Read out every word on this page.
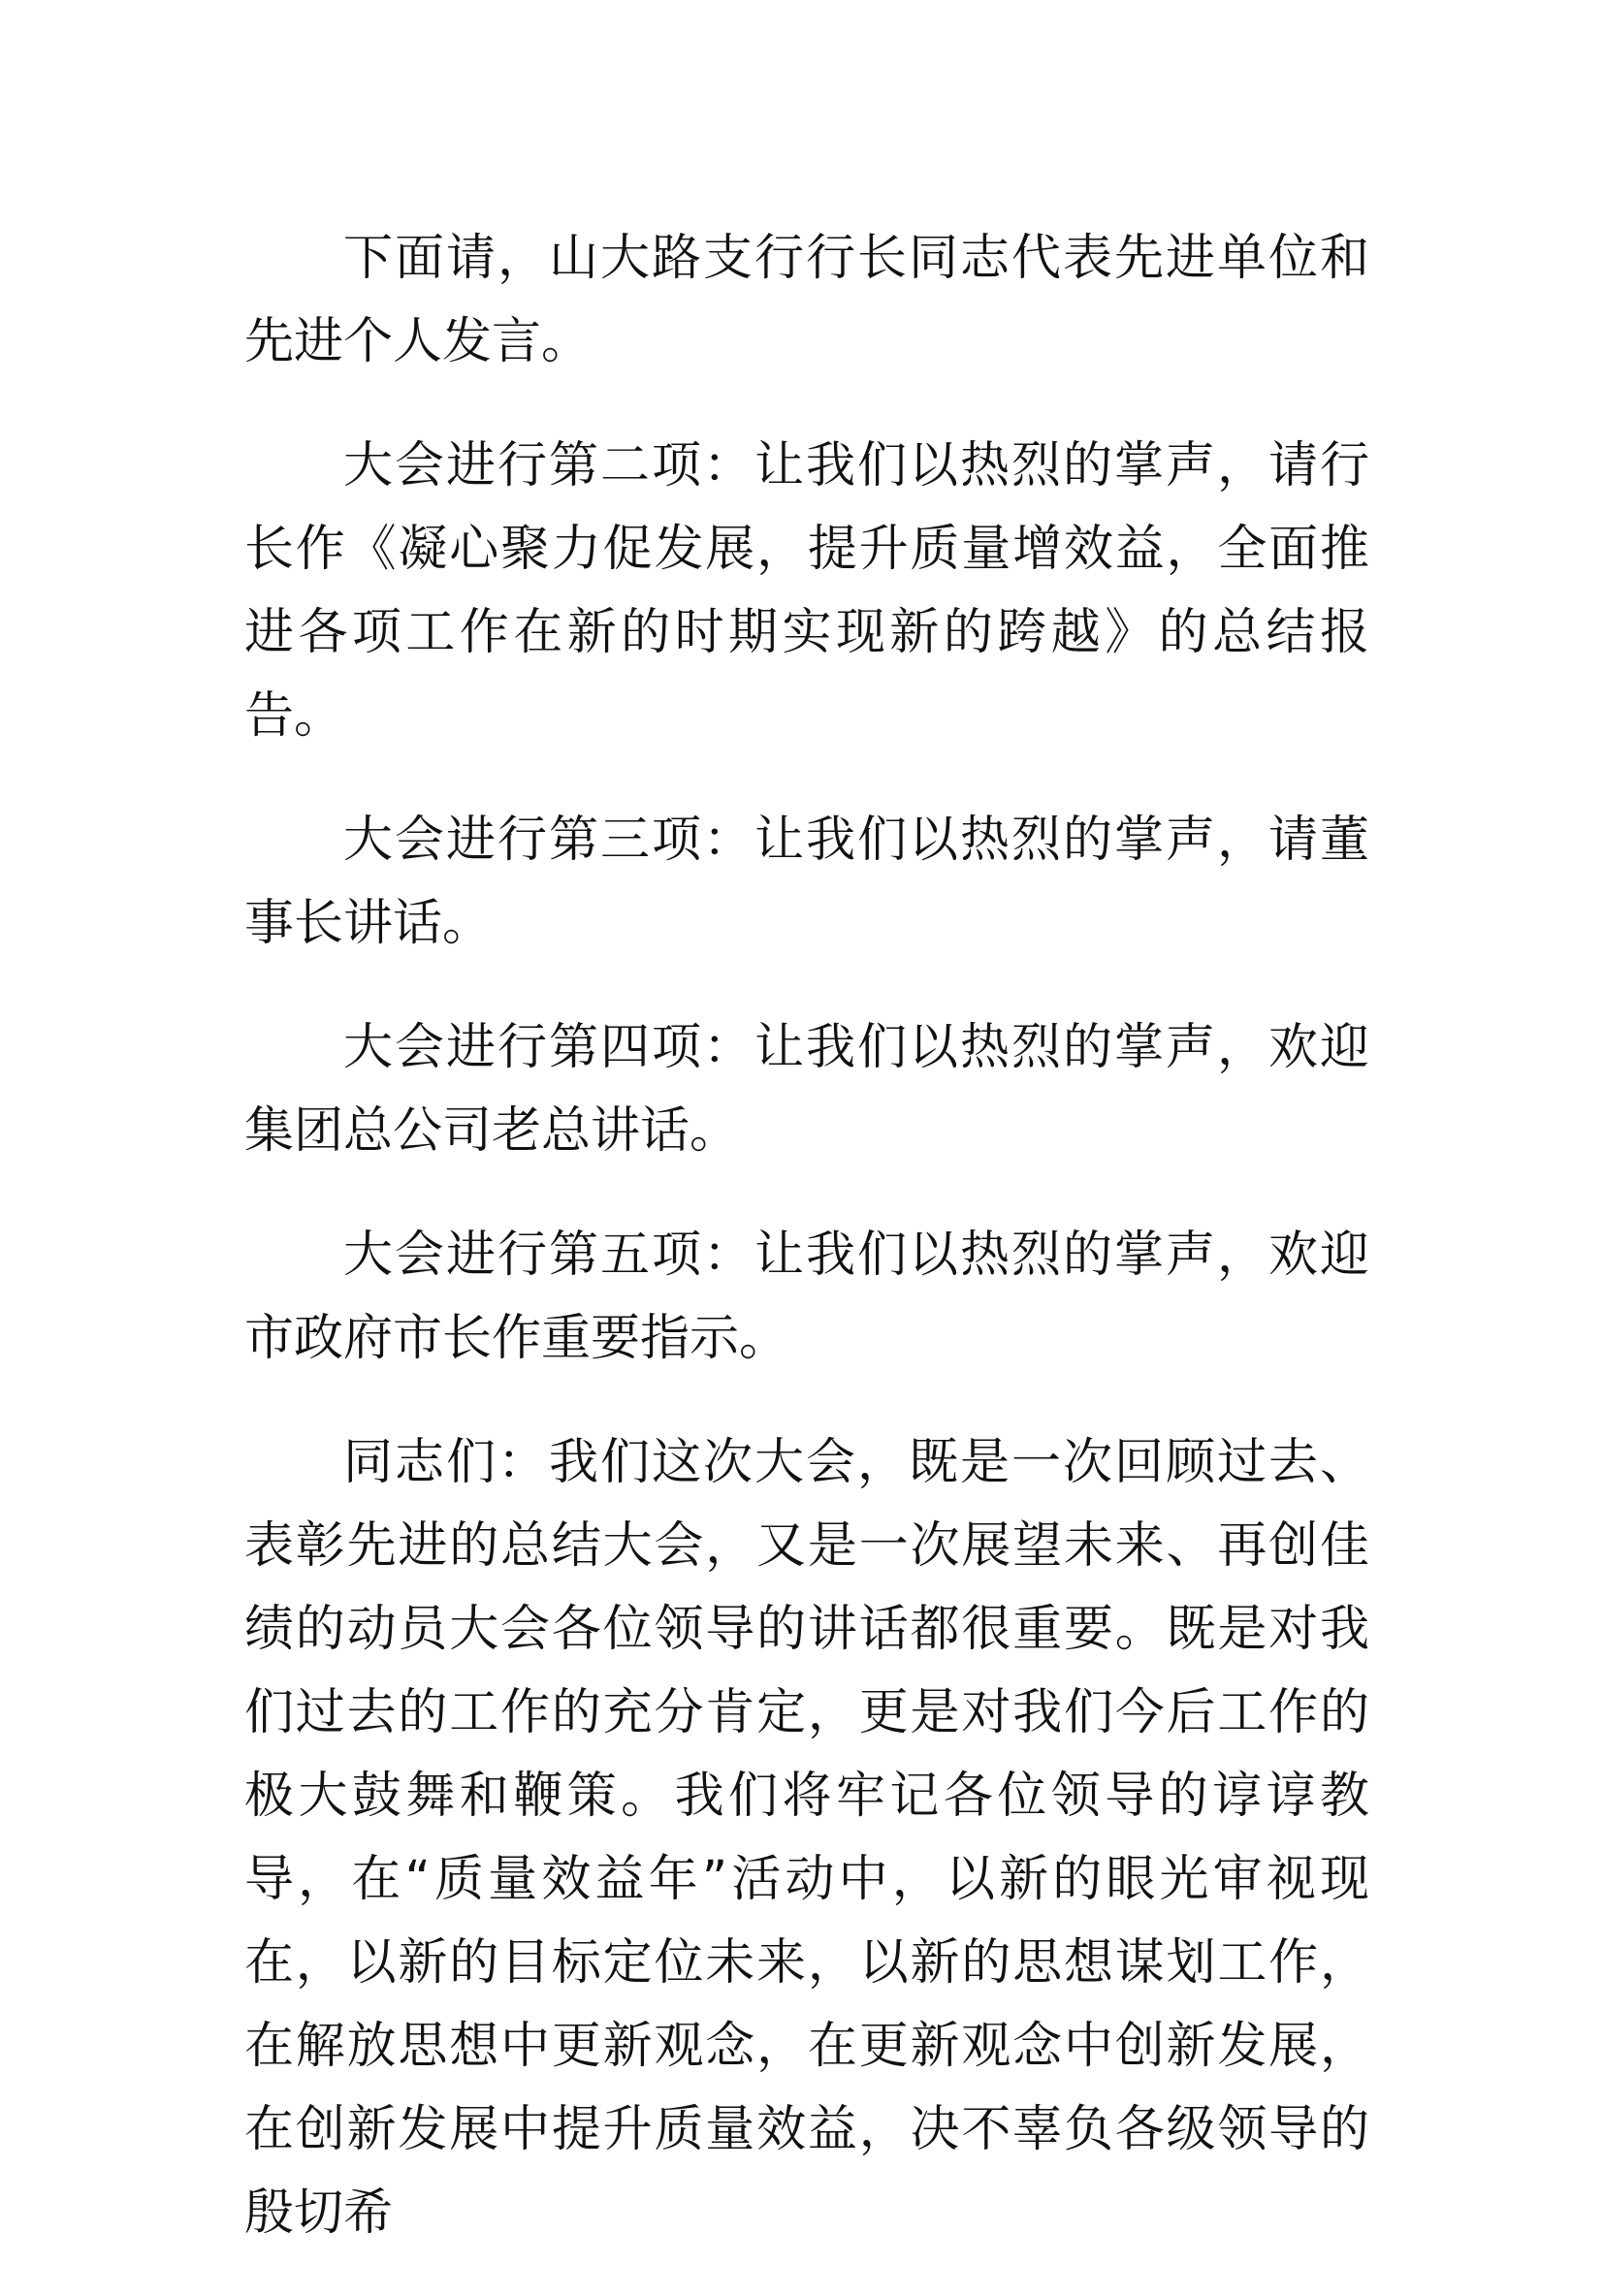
下面请，山大路支行行长同志代表先进单位和先进个人发言。

大会进行第二项：让我们以热烈的掌声，请行长作《凝心聚力促发展，提升质量增效益，全面推进各项工作在新的时期实现新的跨越》的总结报告。

大会进行第三项：让我们以热烈的掌声，请董事长讲话。

大会进行第四项：让我们以热烈的掌声，欢迎集团总公司老总讲话。

大会进行第五项：让我们以热烈的掌声，欢迎市政府市长作重要指示。

同志们：我们这次大会，既是一次回顾过去、表彰先进的总结大会，又是一次展望未来、再创佳绩的动员大会各位领导的讲话都很重要。既是对我们过去的工作的充分肯定，更是对我们今后工作的极大鼓舞和鞭策。我们将牢记各位领导的谆谆教导，在“质量效益年”活动中，以新的眼光审视现在，以新的目标定位未来，以新的思想谋划工作，在解放思想中更新观念，在更新观念中创新发展，在创新发展中提升质量效益，决不辜负各级领导的殷切希
